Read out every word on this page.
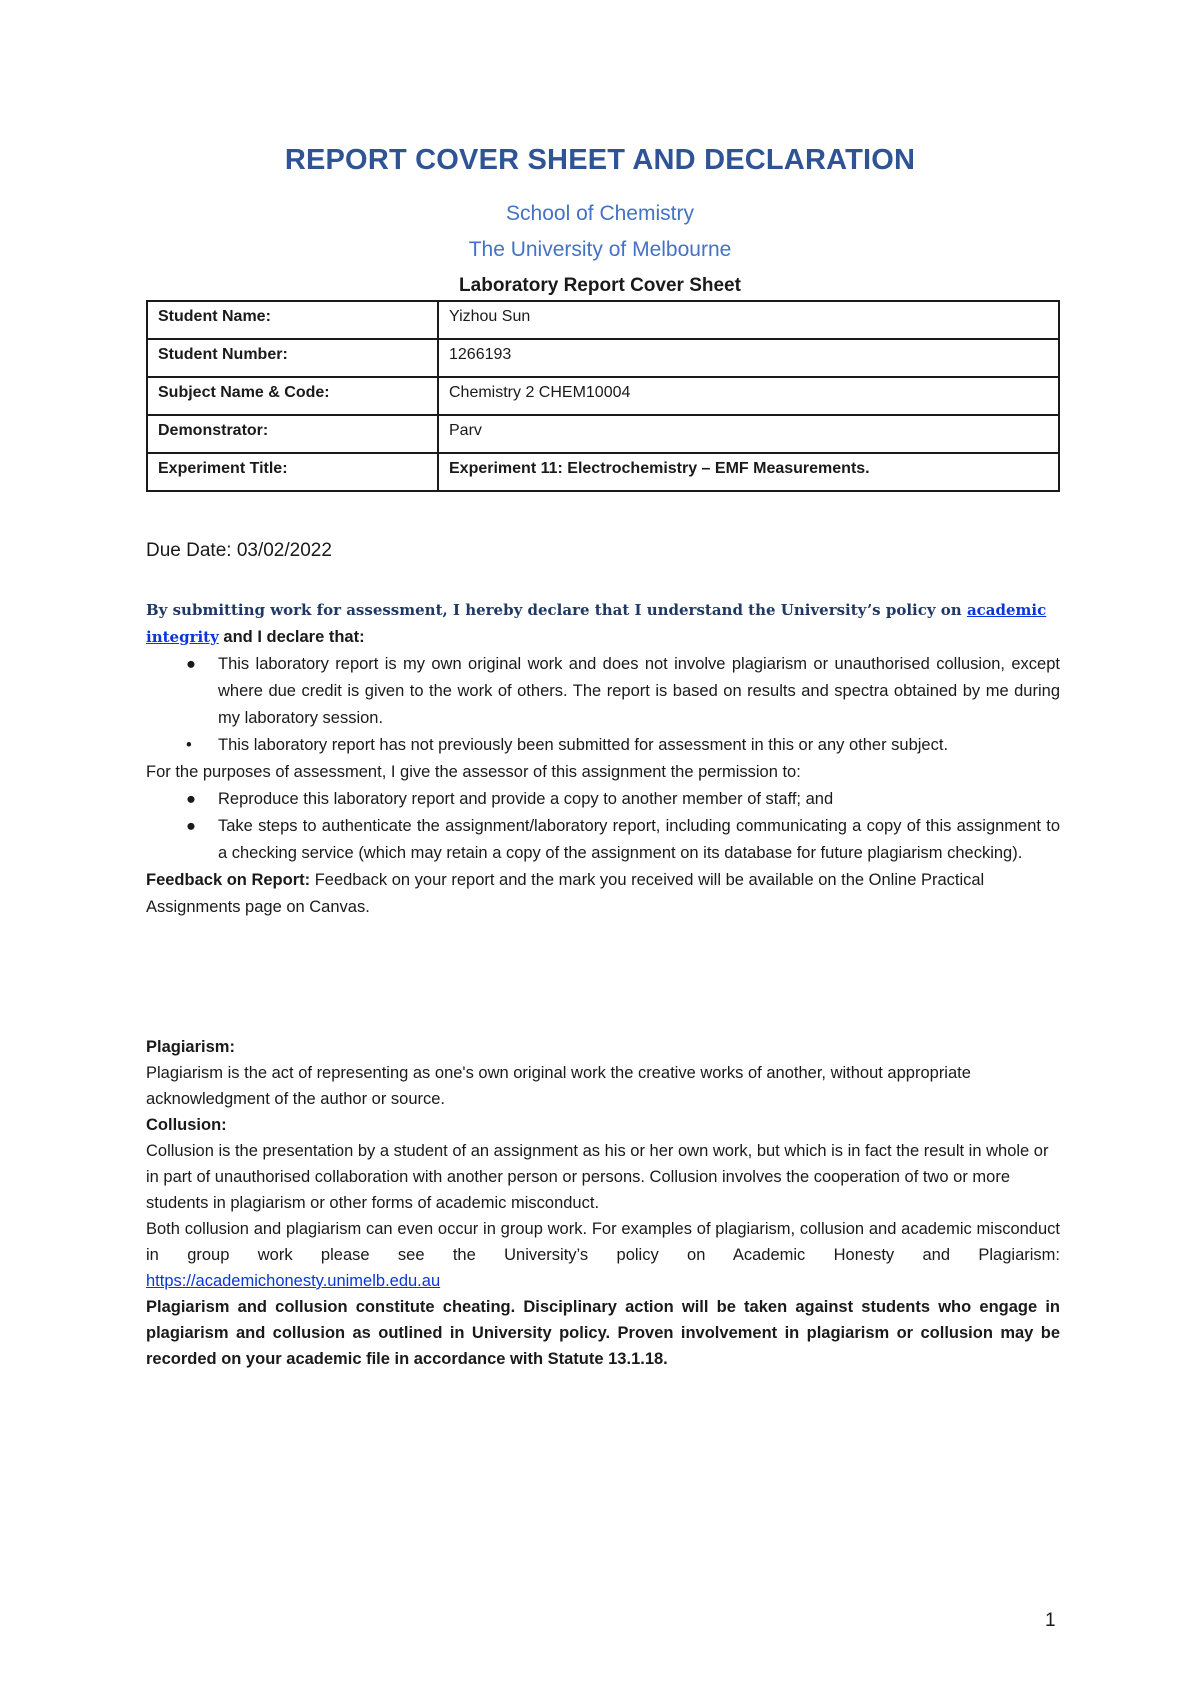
REPORT COVER SHEET AND DECLARATION
School of Chemistry
The University of Melbourne
Laboratory Report Cover Sheet
Student Name:	Yizhou Sun
Student Number:	1266193
Subject Name & Code:	Chemistry 2 CHEM10004
Demonstrator:	Parv
Experiment Title:	Experiment 11: Electrochemistry – EMF Measurements.
Due Date: 03/02/2022

By submitting work for assessment, I hereby declare that I understand the University’s policy on academic integrity and I declare that:

● This laboratory report is my own original work and does not involve plagiarism or unauthorised collusion, except where due credit is given to the work of others. The report is based on results and spectra obtained by me during my laboratory session.
• This laboratory report has not previously been submitted for assessment in this or any other subject.

For the purposes of assessment, I give the assessor of this assignment the permission to:

● Reproduce this laboratory report and provide a copy to another member of staff; and
● Take steps to authenticate the assignment/laboratory report, including communicating a copy of this assignment to a checking service (which may retain a copy of the assignment on its database for future plagiarism checking).

Feedback on Report: Feedback on your report and the mark you received will be available on the Online Practical Assignments page on Canvas.

Plagiarism:
Plagiarism is the act of representing as one's own original work the creative works of another, without appropriate acknowledgment of the author or source.
Collusion:
Collusion is the presentation by a student of an assignment as his or her own work, but which is in fact the result in whole or in part of unauthorised collaboration with another person or persons. Collusion involves the cooperation of two or more students in plagiarism or other forms of academic misconduct.
Both collusion and plagiarism can even occur in group work. For examples of plagiarism, collusion and academic misconduct in group work please see the University’s policy on Academic Honesty and Plagiarism: https://academichonesty.unimelb.edu.au
Plagiarism and collusion constitute cheating. Disciplinary action will be taken against students who engage in plagiarism and collusion as outlined in University policy. Proven involvement in plagiarism or collusion may be recorded on your academic file in accordance with Statute 13.1.18.
1
